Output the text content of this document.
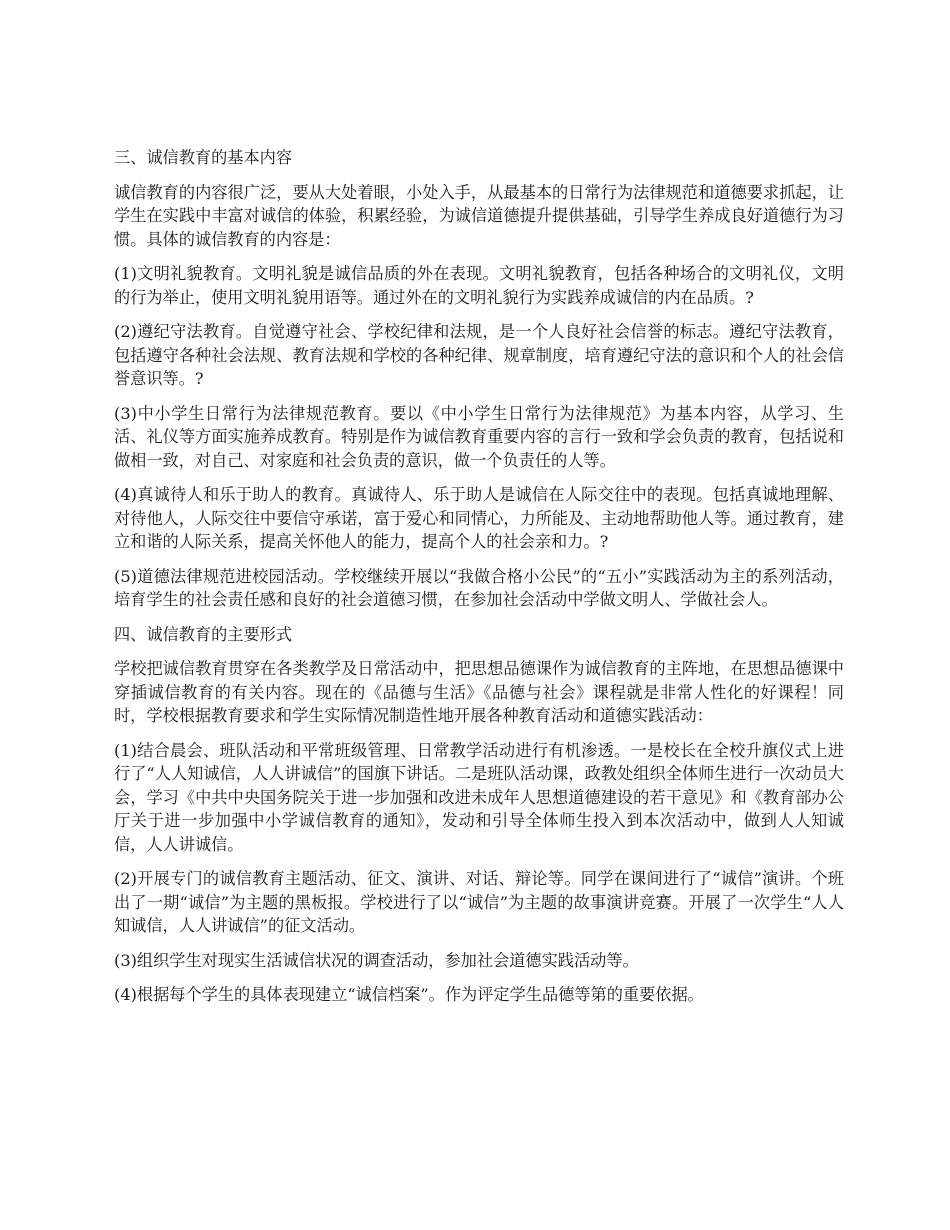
三、诚信教育的基本内容
诚信教育的内容很广泛，要从大处着眼，小处入手，从最基本的日常行为法律规范和道德要求抓起，让学生在实践中丰富对诚信的体验，积累经验，为诚信道德提升提供基础，引导学生养成良好道德行为习惯。具体的诚信教育的内容是：
(1)文明礼貌教育。文明礼貌是诚信品质的外在表现。文明礼貌教育，包括各种场合的文明礼仪，文明的行为举止，使用文明礼貌用语等。通过外在的文明礼貌行为实践养成诚信的内在品质。?
(2)遵纪守法教育。自觉遵守社会、学校纪律和法规，是一个人良好社会信誉的标志。遵纪守法教育，包括遵守各种社会法规、教育法规和学校的各种纪律、规章制度，培育遵纪守法的意识和个人的社会信誉意识等。?
(3)中小学生日常行为法律规范教育。要以《中小学生日常行为法律规范》为基本内容，从学习、生活、礼仪等方面实施养成教育。特别是作为诚信教育重要内容的言行一致和学会负责的教育，包括说和做相一致，对自己、对家庭和社会负责的意识，做一个负责任的人等。
(4)真诚待人和乐于助人的教育。真诚待人、乐于助人是诚信在人际交往中的表现。包括真诚地理解、对待他人，人际交往中要信守承诺，富于爱心和同情心，力所能及、主动地帮助他人等。通过教育，建立和谐的人际关系，提高关怀他人的能力，提高个人的社会亲和力。?
(5)道德法律规范进校园活动。学校继续开展以“我做合格小公民”的“五小”实践活动为主的系列活动，培育学生的社会责任感和良好的社会道德习惯，在参加社会活动中学做文明人、学做社会人。
四、诚信教育的主要形式
学校把诚信教育贯穿在各类教学及日常活动中，把思想品德课作为诚信教育的主阵地，在思想品德课中穿插诚信教育的有关内容。现在的《品德与生活》《品德与社会》课程就是非常人性化的好课程！同时，学校根据教育要求和学生实际情况制造性地开展各种教育活动和道德实践活动：
(1)结合晨会、班队活动和平常班级管理、日常教学活动进行有机渗透。一是校长在全校升旗仪式上进行了“人人知诚信，人人讲诚信”的国旗下讲话。二是班队活动课，政教处组织全体师生进行一次动员大会，学习《中共中央国务院关于进一步加强和改进未成年人思想道德建设的若干意见》和《教育部办公厅关于进一步加强中小学诚信教育的通知》，发动和引导全体师生投入到本次活动中，做到人人知诚信，人人讲诚信。
(2)开展专门的诚信教育主题活动、征文、演讲、对话、辩论等。同学在课间进行了“诚信”演讲。个班出了一期“诚信”为主题的黑板报。学校进行了以“诚信”为主题的故事演讲竞赛。开展了一次学生“人人知诚信，人人讲诚信”的征文活动。
(3)组织学生对现实生活诚信状况的调查活动，参加社会道德实践活动等。
(4)根据每个学生的具体表现建立“诚信档案”。作为评定学生品德等第的重要依据。
